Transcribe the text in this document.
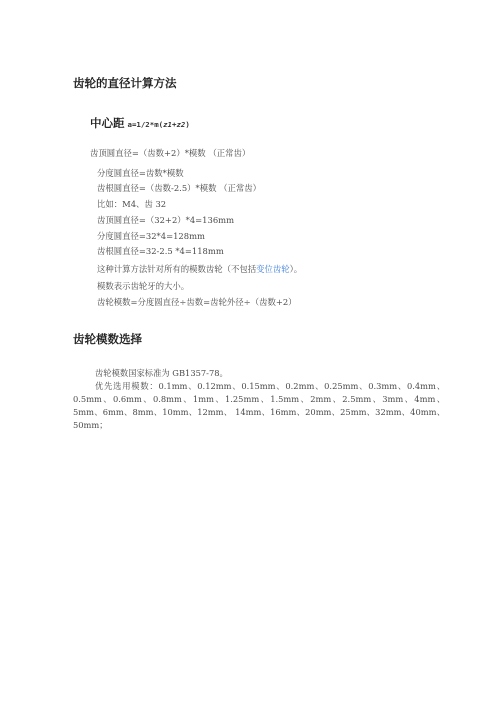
齿轮的直径计算方法
中心距 a=1/2*m(z1+z2)
齿顶圆直径=（齿数+2）*模数 （正常齿）
分度圆直径=齿数*模数
齿根圆直径=（齿数-2.5）*模数 （正常齿）
比如：M4、齿 32
齿顶圆直径=（32+2）*4=136mm
分度圆直径=32*4=128mm
齿根圆直径=32-2.5 *4=118mm
这种计算方法针对所有的模数齿轮（不包括变位齿轮）。
模数表示齿轮牙的大小。
齿轮模数=分度圆直径÷齿数=齿轮外径÷（齿数+2）
齿轮模数选择
齿轮模数国家标准为 GB1357-78。
优先选用模数：0.1mm、0.12mm、0.15mm、0.2mm、0.25mm、0.3mm、0.4mm、0.5mm、0.6mm、0.8mm、1mm、1.25mm、1.5mm、2mm、2.5mm、3mm、4mm、5mm、6mm、8mm、10mm、12mm、 14mm、16mm、20mm、25mm、32mm、40mm、50mm；
